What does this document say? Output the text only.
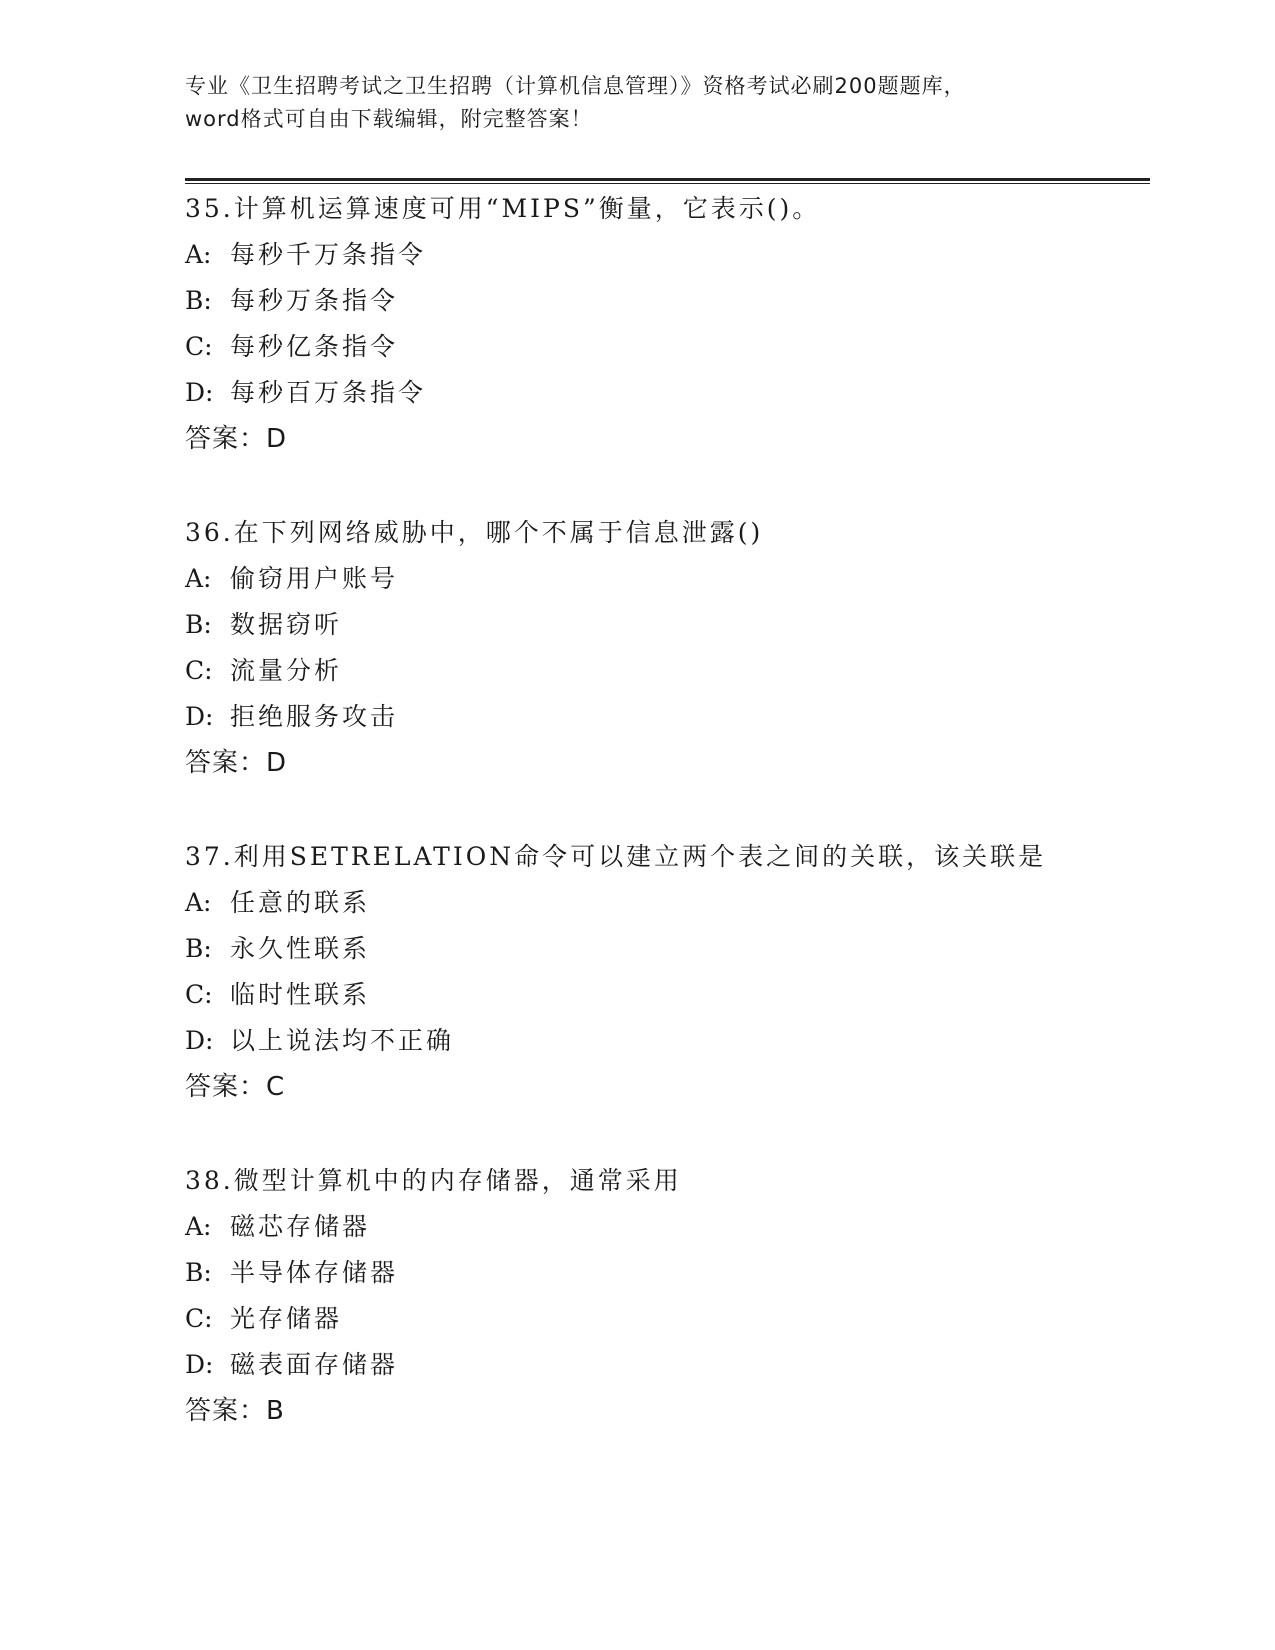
专业《卫生招聘考试之卫生招聘（计算机信息管理）》资格考试必刷200题题库，
word格式可自由下载编辑，附完整答案！
35.计算机运算速度可用“MIPS”衡量，它表示()。
A: 每秒千万条指令
B: 每秒万条指令
C: 每秒亿条指令
D: 每秒百万条指令
答案：D
36.在下列网络威胁中，哪个不属于信息泄露()
A: 偷窃用户账号
B: 数据窃听
C: 流量分析
D: 拒绝服务攻击
答案：D
37.利用SETRELATION命令可以建立两个表之间的关联，该关联是
A: 任意的联系
B: 永久性联系
C: 临时性联系
D: 以上说法均不正确
答案：C
38.微型计算机中的内存储器，通常采用
A: 磁芯存储器
B: 半导体存储器
C: 光存储器
D: 磁表面存储器
答案：B
